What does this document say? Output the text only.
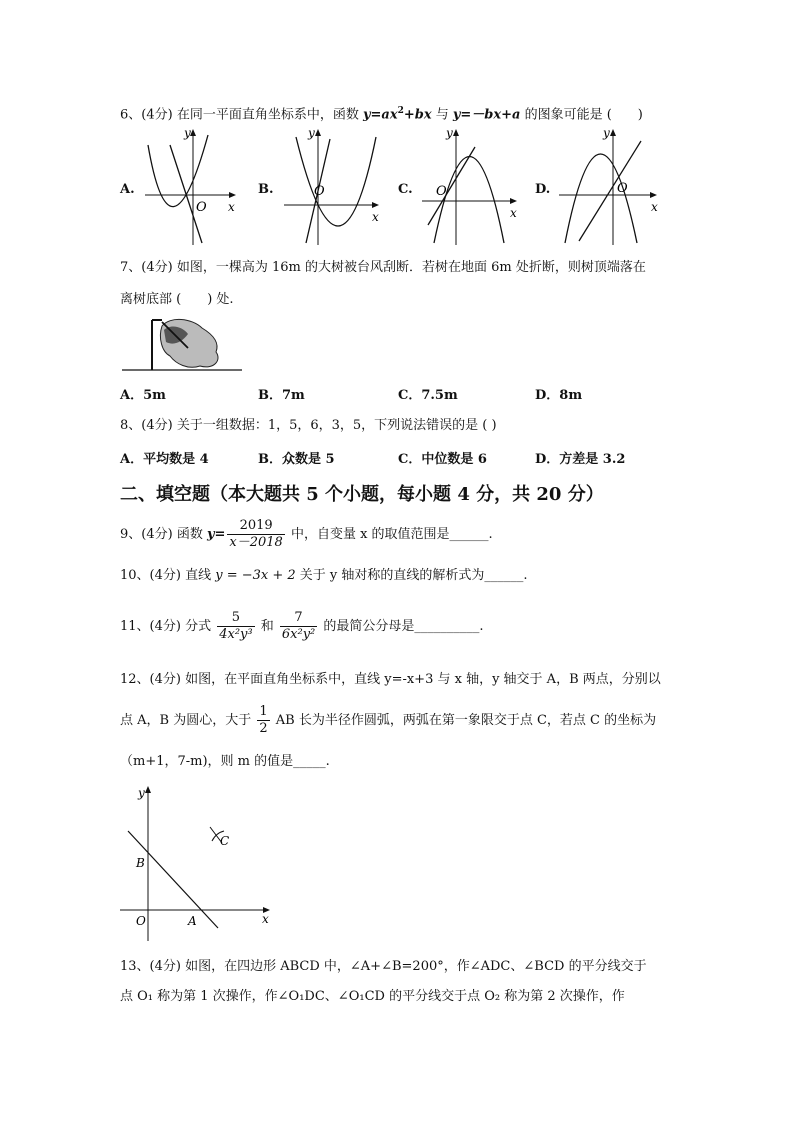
6、(4分) 在同一平面直角坐标系中，函数 $y=ax^2+bx$ 与 y=－bx+a 的图象可能是 (　　)
A.	B.	C.	D.
y
x
O
y
x
O
y
x
O
y
x
O
7、(4分) 如图，一棵高为 16m 的大树被台风刮断．若树在地面 6m 处折断，则树顶端落在
离树底部 (　　) 处.
A．5m	B．7m	C．7.5m	D．8m
8、(4分) 关于一组数据：1，5，6，3，5，下列说法错误的是 ( )
A．平均数是 4	B．众数是 5	C．中位数是 6	D．方差是 3.2
二、填空题（本大题共 5 个小题，每小题 4 分，共 20 分）
9、(4分) 函数 $y= \frac{2019}{x-2018}$ 中，自变量 x 的取值范围是______.
10、(4分) 直线 y = −3x + 2 关于 y 轴对称的直线的解析式为______.
11、(4分) 分式 $\frac{5}{\text{4x²y³}}$ 和 $\frac{7}{\text{6x²y²}}$ 的最简公分母是__________.
12、(4分) 如图，在平面直角坐标系中，直线 y=-x+3 与 x 轴，y 轴交于 A，B 两点，分别以
点 A，B 为圆心，大于 $\frac{1}{2}$ AB 长为半径作圆弧，两弧在第一象限交于点 C，若点 C 的坐标为
（m+1，7-m)，则 m 的值是_____.
y
x
O	A
B
C
13、(4分) 如图，在四边形 ABCD 中，∠A+∠B=200°，作∠ADC、∠BCD 的平分线交于
点 O₁ 称为第 1 次操作，作∠O₁DC、∠O₁CD 的平分线交于点 O₂ 称为第 2 次操作，作
